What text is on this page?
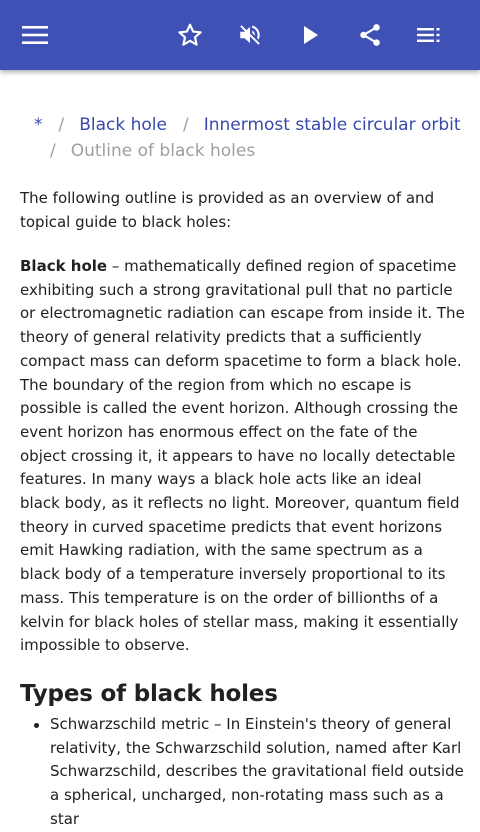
* / Black hole / Innermost stable circular orbit
/ Outline of black holes

The following outline is provided as an overview of and topical guide to black holes:

Black hole – mathematically defined region of spacetime exhibiting such a strong gravitational pull that no particle or electromagnetic radiation can escape from inside it. The theory of general relativity predicts that a sufficiently compact mass can deform spacetime to form a black hole. The boundary of the region from which no escape is possible is called the event horizon. Although crossing the event horizon has enormous effect on the fate of the object crossing it, it appears to have no locally detectable features. In many ways a black hole acts like an ideal black body, as it reflects no light. Moreover, quantum field theory in curved spacetime predicts that event horizons emit Hawking radiation, with the same spectrum as a black body of a temperature inversely proportional to its mass. This temperature is on the order of billionths of a kelvin for black holes of stellar mass, making it essentially impossible to observe.

Types of black holes
Schwarzschild metric – In Einstein's theory of general relativity, the Schwarzschild solution, named after Karl Schwarzschild, describes the gravitational field outside a spherical, uncharged, non-rotating mass such as a star
